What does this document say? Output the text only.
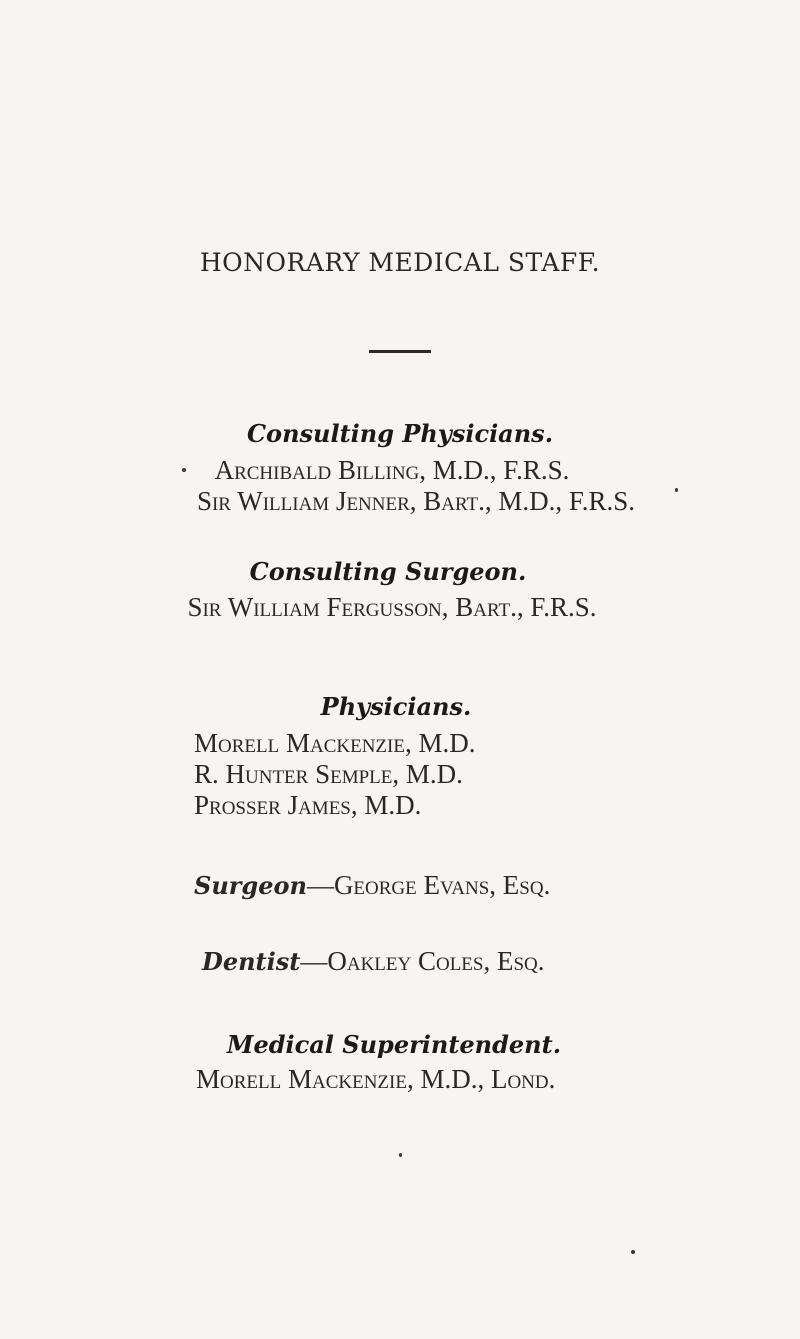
HONORARY MEDICAL STAFF.
Consulting Physicians.
Archibald Billing, M.D., F.R.S.
Sir William Jenner, Bart., M.D., F.R.S.
Consulting Surgeon.
Sir William Fergusson, Bart., F.R.S.
Physicians.
Morell Mackenzie, M.D.
R. Hunter Semple, M.D.
Prosser James, M.D.
Surgeon—George Evans, Esq.
Dentist—Oakley Coles, Esq.
Medical Superintendent.
Morell Mackenzie, M.D., Lond.
